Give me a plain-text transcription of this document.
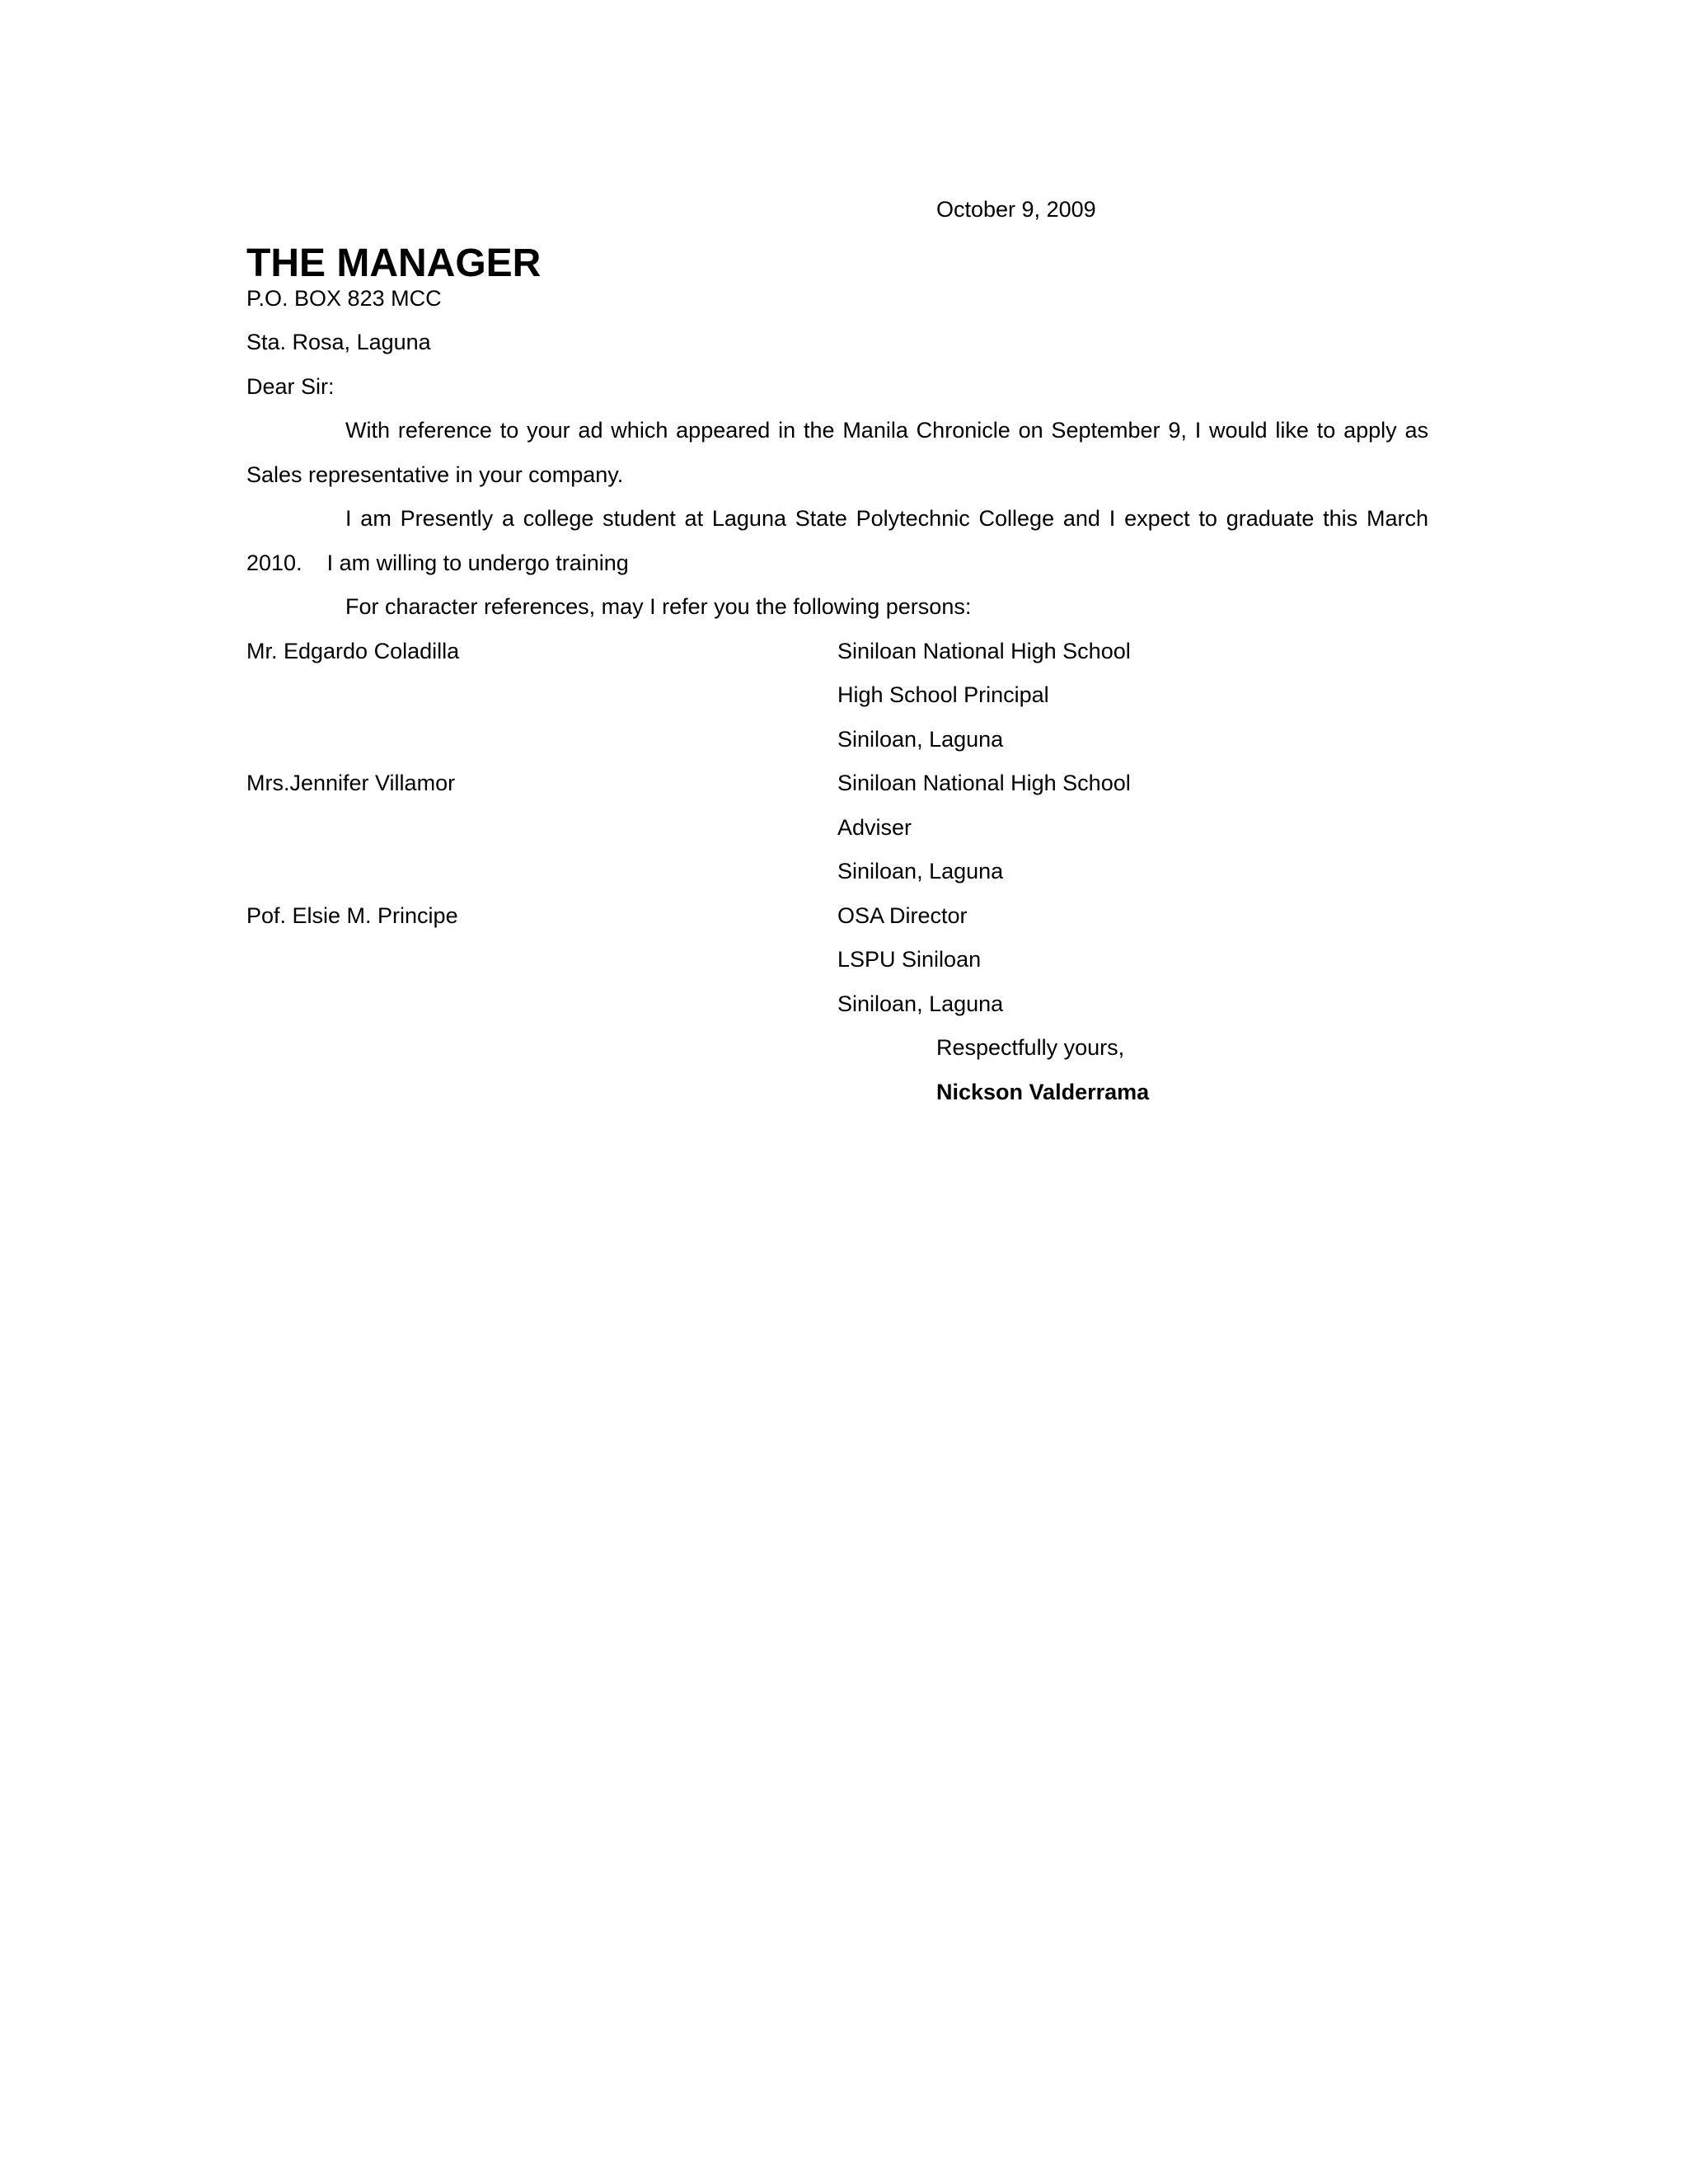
October 9, 2009
THE MANAGER
P.O. BOX 823 MCC
Sta. Rosa, Laguna
Dear Sir:
With reference to your ad which appeared in the Manila Chronicle on September 9, I would like to apply as
Sales representative in your company.
I am Presently a college student at Laguna State Polytechnic College and I expect to graduate this March
2010.    I am willing to undergo training
For character references, may I refer you the following persons:
Mr. Edgardo Coladilla	Siniloan National High School
High School Principal
Siniloan, Laguna
Mrs.Jennifer Villamor	Siniloan National High School
Adviser
Siniloan, Laguna
Pof. Elsie M. Principe	OSA Director
LSPU Siniloan
Siniloan, Laguna
Respectfully yours,
Nickson Valderrama
